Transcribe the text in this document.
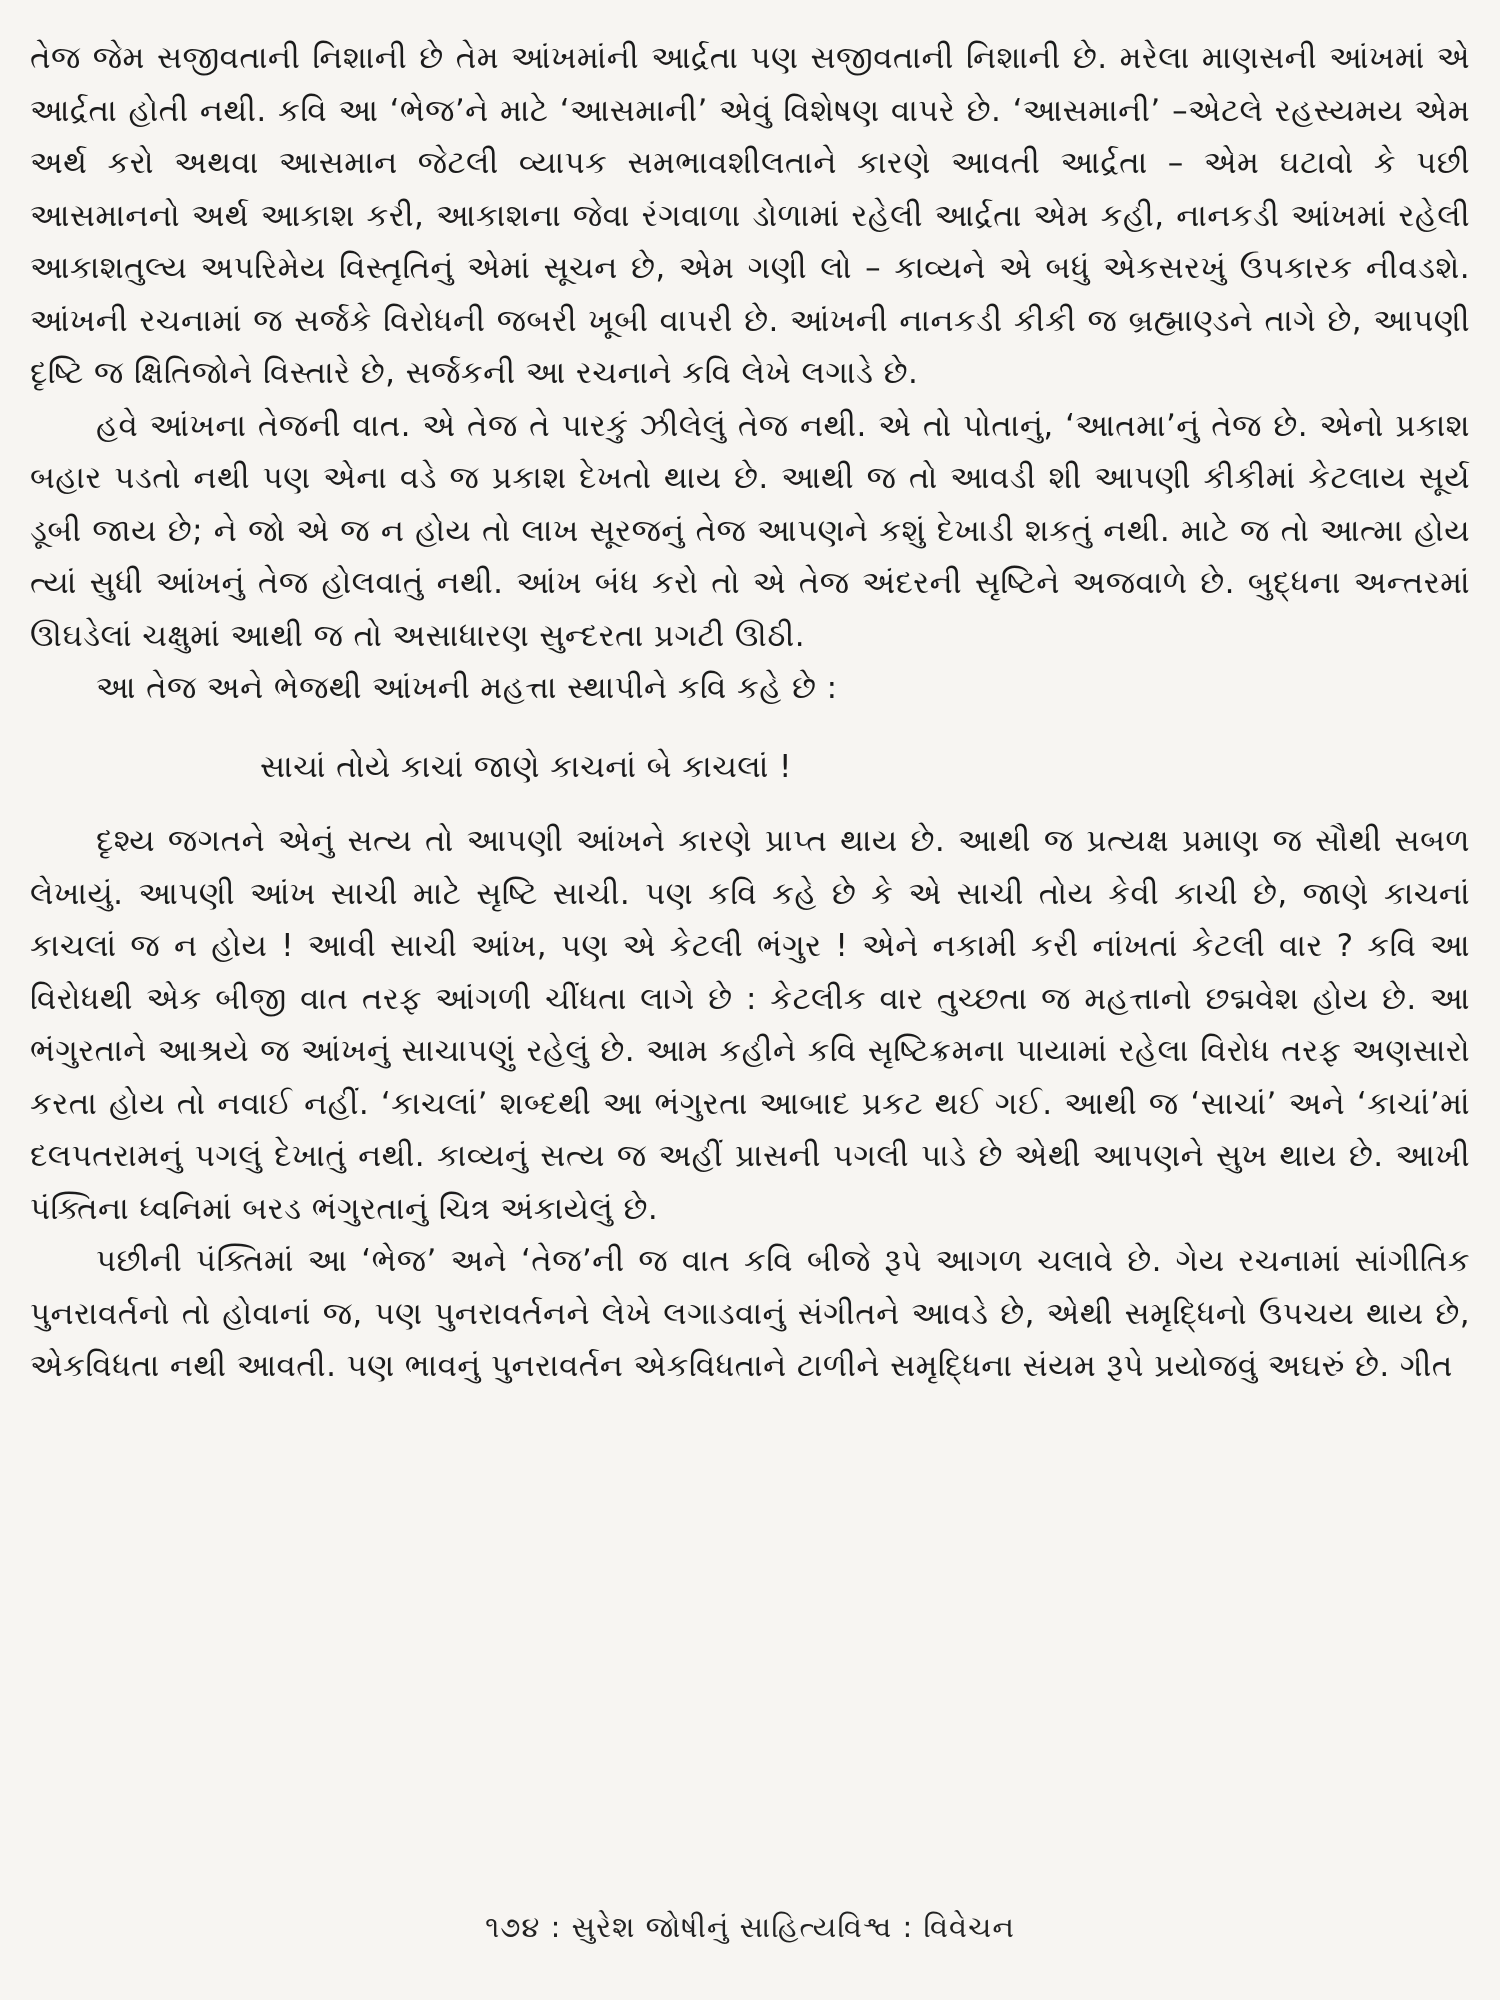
તેજ જેમ સજીવતાની નિશાની છે તેમ આંખમાંની આર્દ્રતા પણ સજીવતાની નિશાની છે. મરેલા માણસની આંખમાં એ આર્દ્રતા હોતી નથી. કવિ આ ‘ભેજ’ને માટે ‘આસમાની’ એવું વિશેષણ વાપરે છે. ‘આસમાની’ –એટલે રહસ્યમય એમ અર્થ કરો અથવા આસમાન જેટલી વ્યાપક સમભાવશીલતાને કારણે આવતી આર્દ્રતા – એમ ઘટાવો કે પછી આસમાનનો અર્થ આકાશ કરી, આકાશના જેવા રંગવાળા ડોળામાં રહેલી આર્દ્રતા એમ કહી, નાનકડી આંખમાં રહેલી આકાશતુલ્ય અપરિમેય વિસ્તૃતિનું એમાં સૂચન છે, એમ ગણી લો – કાવ્યને એ બધું એકસરખું ઉપકારક નીવડશે. આંખની રચનામાં જ સર્જકે વિરોધની જબરી ખૂબી વાપરી છે. આંખની નાનકડી કીકી જ બ્રહ્માણ્ડને તાગે છે, આપણી દૃષ્ટિ જ ક્ષિતિજોને વિસ્તારે છે, સર્જકની આ રચનાને કવિ લેખે લગાડે છે.

હવે આંખના તેજની વાત. એ તેજ તે પારકું ઝીલેલું તેજ નથી. એ તો પોતાનું, ‘આતમા’નું તેજ છે. એનો પ્રકાશ બહાર પડતો નથી પણ એના વડે જ પ્રકાશ દેખતો થાય છે. આથી જ તો આવડી શી આપણી કીકીમાં કેટલાય સૂર્ય ડૂબી જાય છે; ને જો એ જ ન હોય તો લાખ સૂરજનું તેજ આપણને કશું દેખાડી શકતું નથી. માટે જ તો આત્મા હોય ત્યાં સુધી આંખનું તેજ હોલવાતું નથી. આંખ બંધ કરો તો એ તેજ અંદરની સૃષ્ટિને અજવાળે છે. બુદ્ધના અન્તરમાં ઊઘડેલાં ચક્ષુમાં આથી જ તો અસાધારણ સુન્દરતા પ્રગટી ઊઠી.

આ તેજ અને ભેજથી આંખની મહત્તા સ્થાપીને કવિ કહે છે :

સાચાં તોયે કાચાં જાણે કાચનાં બે કાચલાં !

દૃશ્ય જગતને એનું સત્ય તો આપણી આંખને કારણે પ્રાપ્ત થાય છે. આથી જ પ્રત્યક્ષ પ્રમાણ જ સૌથી સબળ લેખાયું. આપણી આંખ સાચી માટે સૃષ્ટિ સાચી. પણ કવિ કહે છે કે એ સાચી તોય કેવી કાચી છે, જાણે કાચનાં કાચલાં જ ન હોય ! આવી સાચી આંખ, પણ એ કેટલી ભંગુર ! એને નકામી કરી નાંખતાં કેટલી વાર ? કવિ આ વિરોધથી એક બીજી વાત તરફ આંગળી ચીંધતા લાગે છે : કેટલીક વાર તુચ્છતા જ મહત્તાનો છદ્મવેશ હોય છે. આ ભંગુરતાને આશ્રયે જ આંખનું સાચાપણું રહેલું છે. આમ કહીને કવિ સૃષ્ટિક્રમના પાયામાં રહેલા વિરોધ તરફ અણસારો કરતા હોય તો નવાઈ નહીં. ‘કાચલાં’ શબ્દથી આ ભંગુરતા આબાદ પ્રકટ થઈ ગઈ. આથી જ ‘સાચાં’ અને ‘કાચાં’માં દલપતરામનું પગલું દેખાતું નથી. કાવ્યનું સત્ય જ અહીં પ્રાસની પગલી પાડે છે એથી આપણને સુખ થાય છે. આખી પંક્તિના ધ્વનિમાં બરડ ભંગુરતાનું ચિત્ર અંકાયેલું છે.

પછીની પંક્તિમાં આ ‘ભેજ’ અને ‘તેજ’ની જ વાત કવિ બીજે રૂપે આગળ ચલાવે છે. ગેય રચનામાં સાંગીતિક પુનરાવર્તનો તો હોવાનાં જ, પણ પુનરાવર્તનને લેખે લગાડવાનું સંગીતને આવડે છે, એથી સમૃદ્ધિનો ઉપચય થાય છે, એકવિધતા નથી આવતી. પણ ભાવનું પુનરાવર્તન એકવિધતાને ટાળીને સમૃદ્ધિના સંયમ રૂપે પ્રયોજવું અઘરું છે. ગીત

૧૭૪ : સુરેશ જોષીનું સાહિત્યવિશ્વ : વિવેચન
